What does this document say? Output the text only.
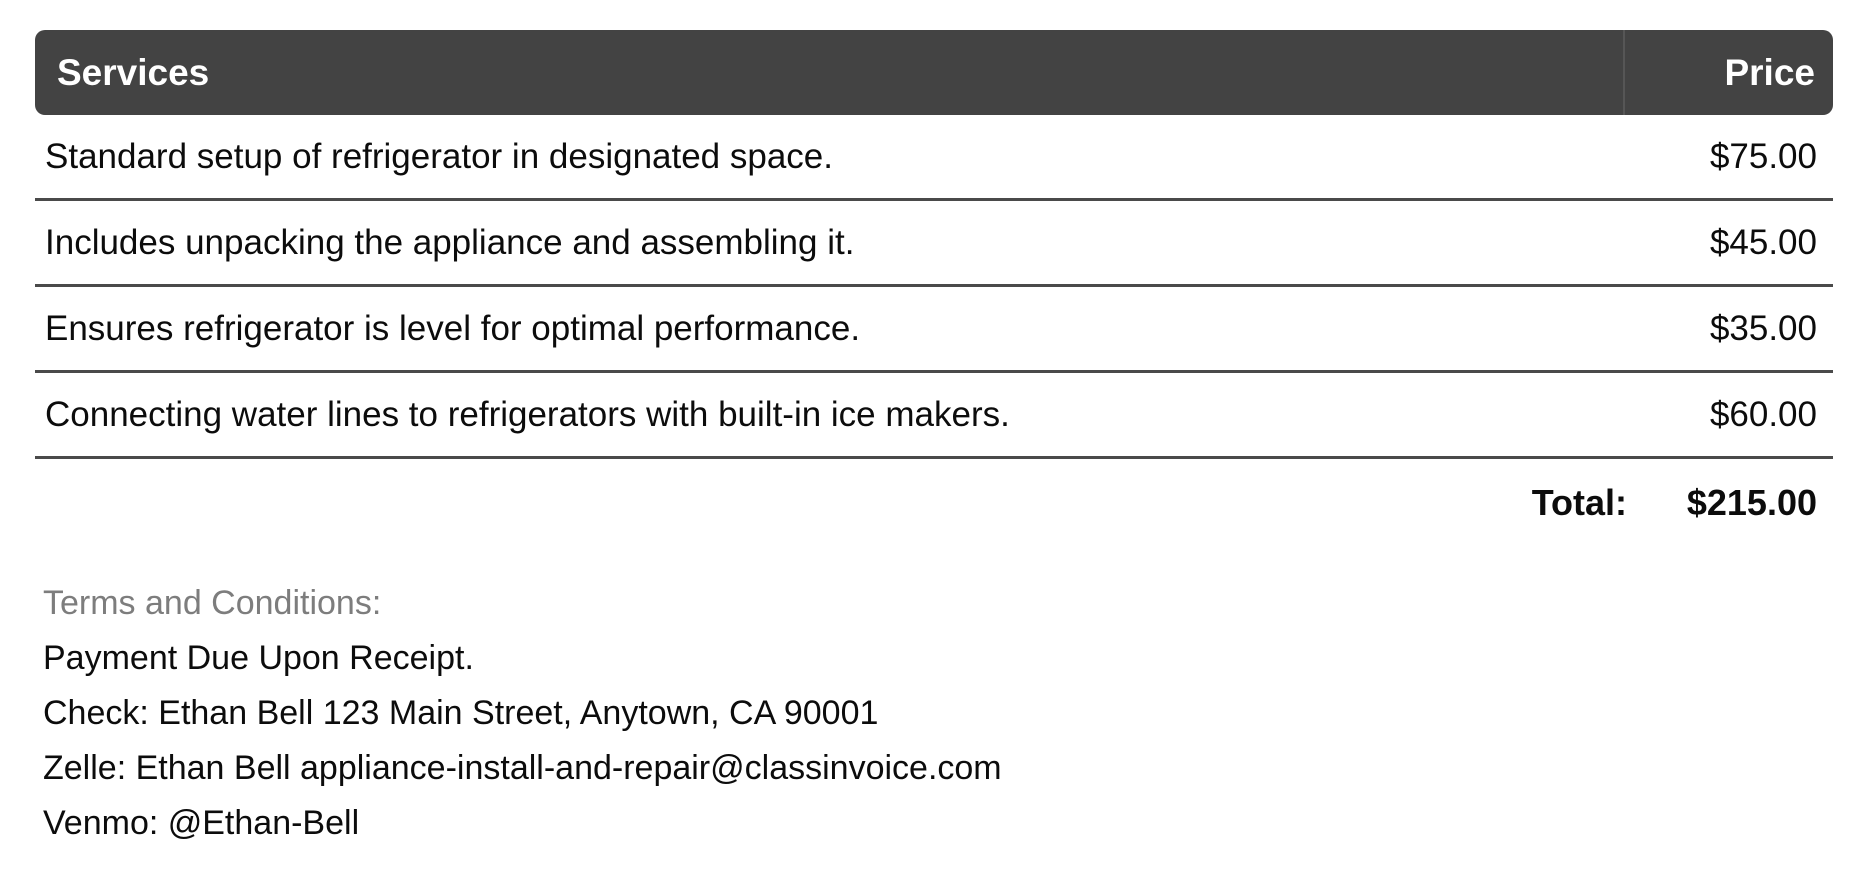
Services	Price
Standard setup of refrigerator in designated space.	$75.00
Includes unpacking the appliance and assembling it.	$45.00
Ensures refrigerator is level for optimal performance.	$35.00
Connecting water lines to refrigerators with built-in ice makers.	$60.00
Total:	$215.00
Terms and Conditions:
Payment Due Upon Receipt.
Check: Ethan Bell 123 Main Street, Anytown, CA 90001
Zelle: Ethan Bell appliance-install-and-repair@classinvoice.com
Venmo: @Ethan-Bell
